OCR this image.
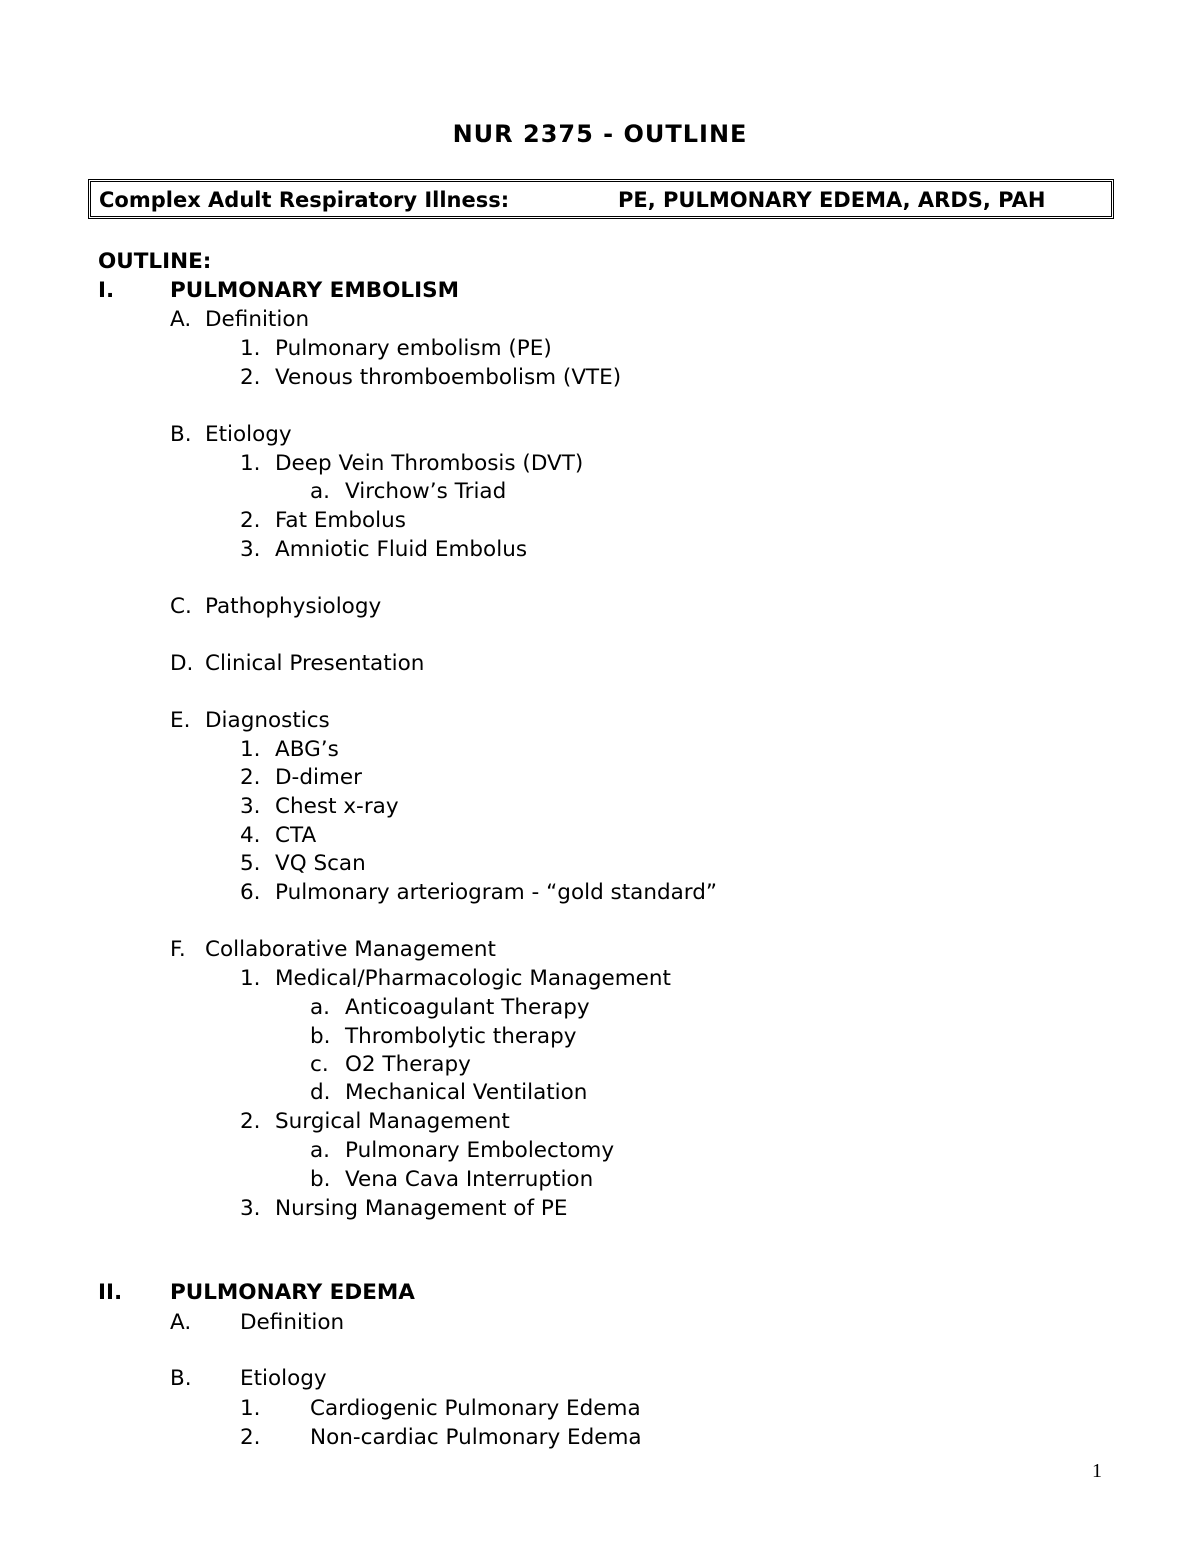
NUR 2375 - OUTLINE
Complex Adult Respiratory Illness:	PE, PULMONARY EDEMA, ARDS, PAH
OUTLINE:
I.	PULMONARY EMBOLISM
A. Definition
1. Pulmonary embolism (PE)
2. Venous thromboembolism (VTE)
B. Etiology
1. Deep Vein Thrombosis (DVT)
a. Virchow’s Triad
2. Fat Embolus
3. Amniotic Fluid Embolus
C. Pathophysiology
D. Clinical Presentation
E. Diagnostics
1. ABG’s
2. D-dimer
3. Chest x-ray
4. CTA
5. VQ Scan
6. Pulmonary arteriogram - “gold standard”
F. Collaborative Management
1. Medical/Pharmacologic Management
a. Anticoagulant Therapy
b. Thrombolytic therapy
c. O2 Therapy
d. Mechanical Ventilation
2. Surgical Management
a. Pulmonary Embolectomy
b. Vena Cava Interruption
3. Nursing Management of PE
II. PULMONARY EDEMA
A. Definition
B. Etiology
1. Cardiogenic Pulmonary Edema
2. Non-cardiac Pulmonary Edema
1
